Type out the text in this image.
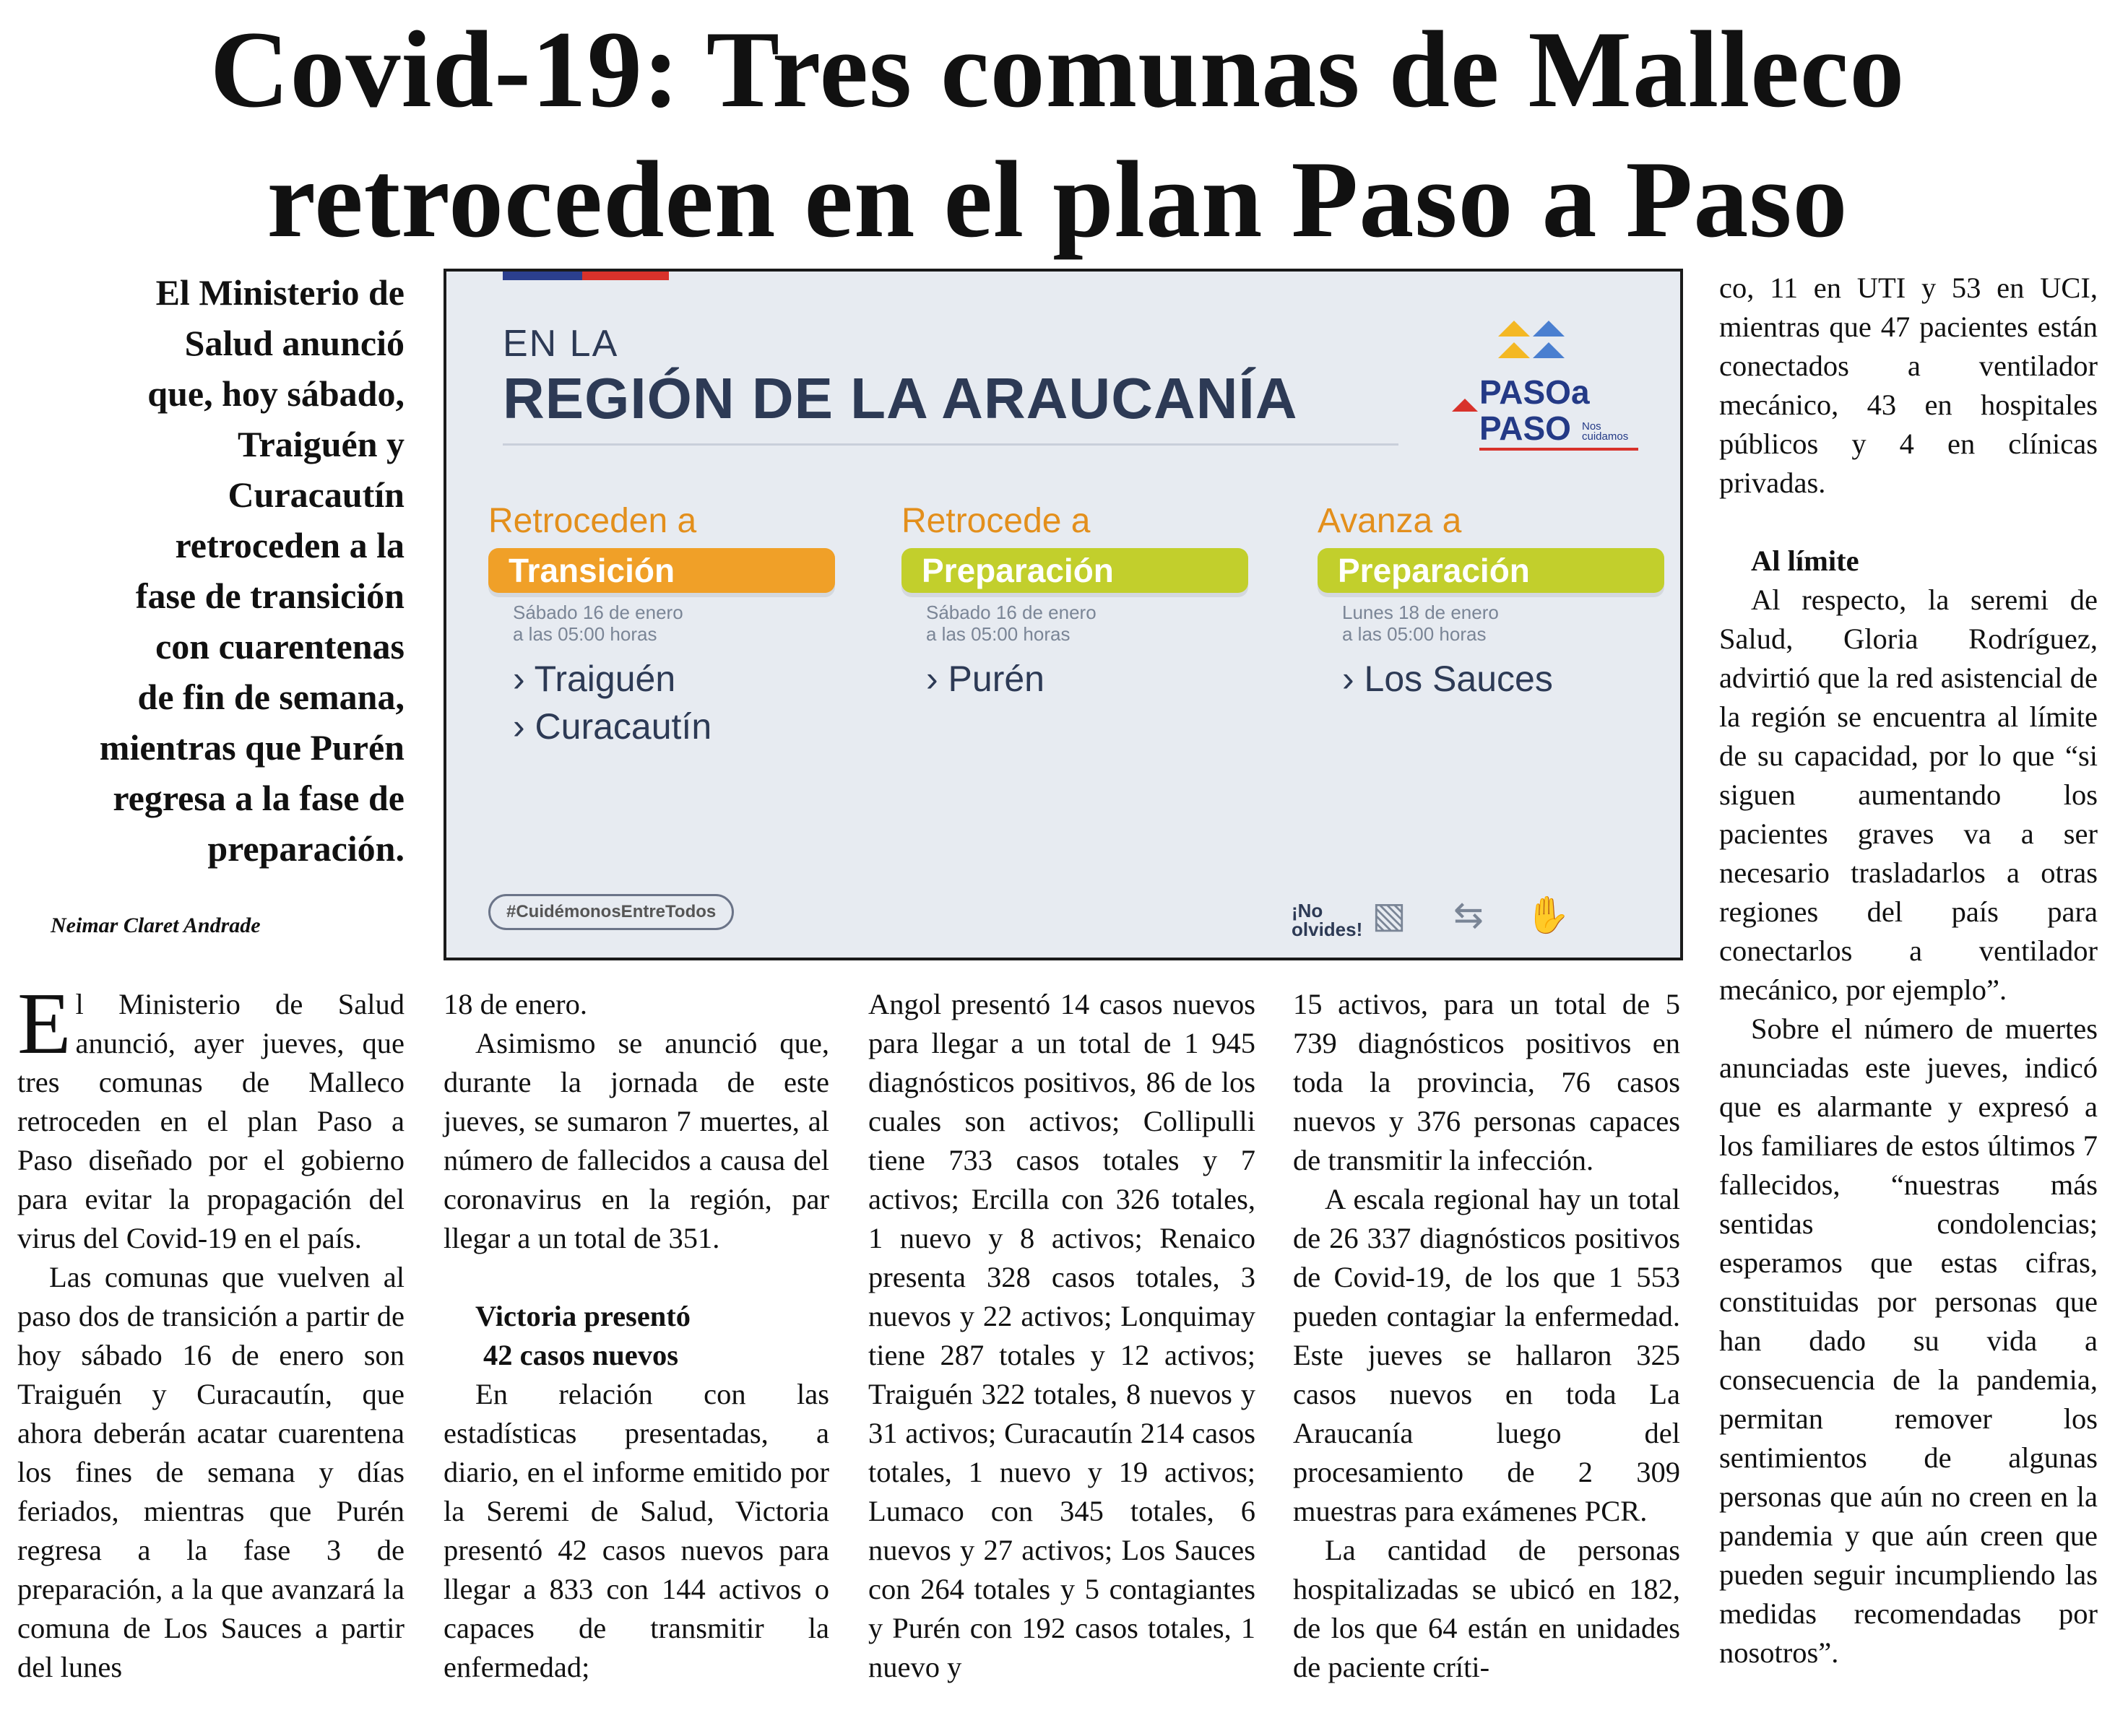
Covid-19: Tres comunas de Malleco
retroceden en el plan Paso a Paso

El Ministerio de

Salud anunció

que, hoy sábado,

Traiguén y

Curacautín

retroceden a la

fase de transición

con cuarentenas

de fin de semana,

mientras que Purén

regresa a la fase de

preparación.

Neimar Claret Andrade
EN LA
REGIÓN DE LA ARAUCANÍA	PASOa
PASO Nos cuidamos
Retroceden a
Transición
Sábado 16 de enero
a las 05:00 horas
› Traiguén
› Curacautín
Retrocede a
Preparación
Sábado 16 de enero
a las 05:00 horas
› Purén
Avanza a
Preparación
Lunes 18 de enero
a las 05:00 horas
› Los Sauces
#CuidémonosEntreTodos	¡No
olvides! ▧ ⇆ ✋

El Ministerio de Salud anunció, ayer jueves, que tres comunas de Malleco retroceden en el plan Paso a Paso diseñado por el gobierno para evitar la propagación del virus del Covid-19 en el país.

Las comunas que vuelven al paso dos de transición a partir de hoy sábado 16 de enero son Traiguén y Curacautín, que ahora deberán acatar cuarentena los fines de semana y días feriados, mientras que Purén regresa a la fase 3 de preparación, a la que avanzará la comuna de Los Sauces a partir del lunes

18 de enero.

Asimismo se anunció que, durante la jornada de este jueves, se sumaron 7 muertes, al número de fallecidos a causa del coronavirus en la región, par llegar a un total de 351.

Victoria presentó

42 casos nuevos

En relación con las estadísticas presentadas, a diario, en el informe emitido por la Seremi de Salud, Victoria presentó 42 casos nuevos para llegar a 833 con 144 activos o capaces de transmitir la enfermedad;

Angol presentó 14 casos nuevos para llegar a un total de 1 945 diagnósticos positivos, 86 de los cuales son activos; Collipulli tiene 733 casos totales y 7 activos; Ercilla con 326 totales, 1 nuevo y 8 activos; Renaico presenta 328 casos totales, 3 nuevos y 22 activos; Lonquimay tiene 287 totales y 12 activos; Traiguén 322 totales, 8 nuevos y 31 activos; Curacautín 214 casos totales, 1 nuevo y 19 activos; Lumaco con 345 totales, 6 nuevos y 27 activos; Los Sauces con 264 totales y 5 contagiantes y Purén con 192 casos totales, 1 nuevo y

15 activos, para un total de 5 739 diagnósticos positivos en toda la provincia, 76 casos nuevos y 376 personas capaces de transmitir la infección.

A escala regional hay un total de 26 337 diagnósticos positivos de Covid-19, de los que 1 553 pueden contagiar la enfermedad. Este jueves se hallaron 325 casos nuevos en toda La Araucanía luego del procesamiento de 2 309 muestras para exámenes PCR.

La cantidad de personas hospitalizadas se ubicó en 182, de los que 64 están en unidades de paciente críti-

co, 11 en UTI y 53 en UCI, mientras que 47 pacientes están conectados a ventilador mecánico, 43 en hospitales públicos y 4 en clínicas privadas.

Al límite

Al respecto, la seremi de Salud, Gloria Rodríguez, advirtió que la red asistencial de la región se encuentra al límite de su capacidad, por lo que “si siguen aumentando los pacientes graves va a ser necesario trasladarlos a otras regiones del país para conectarlos a ventilador mecánico, por ejemplo”.

Sobre el número de muertes anunciadas este jueves, indicó que es alarmante y expresó a los familiares de estos últimos 7 fallecidos, “nuestras más sentidas condolencias; esperamos que estas cifras, constituidas por personas que han dado su vida a consecuencia de la pandemia, permitan remover los sentimientos de algunas personas que aún no creen en la pandemia y que aún creen que pueden seguir incumpliendo las medidas recomendadas por nosotros”.
